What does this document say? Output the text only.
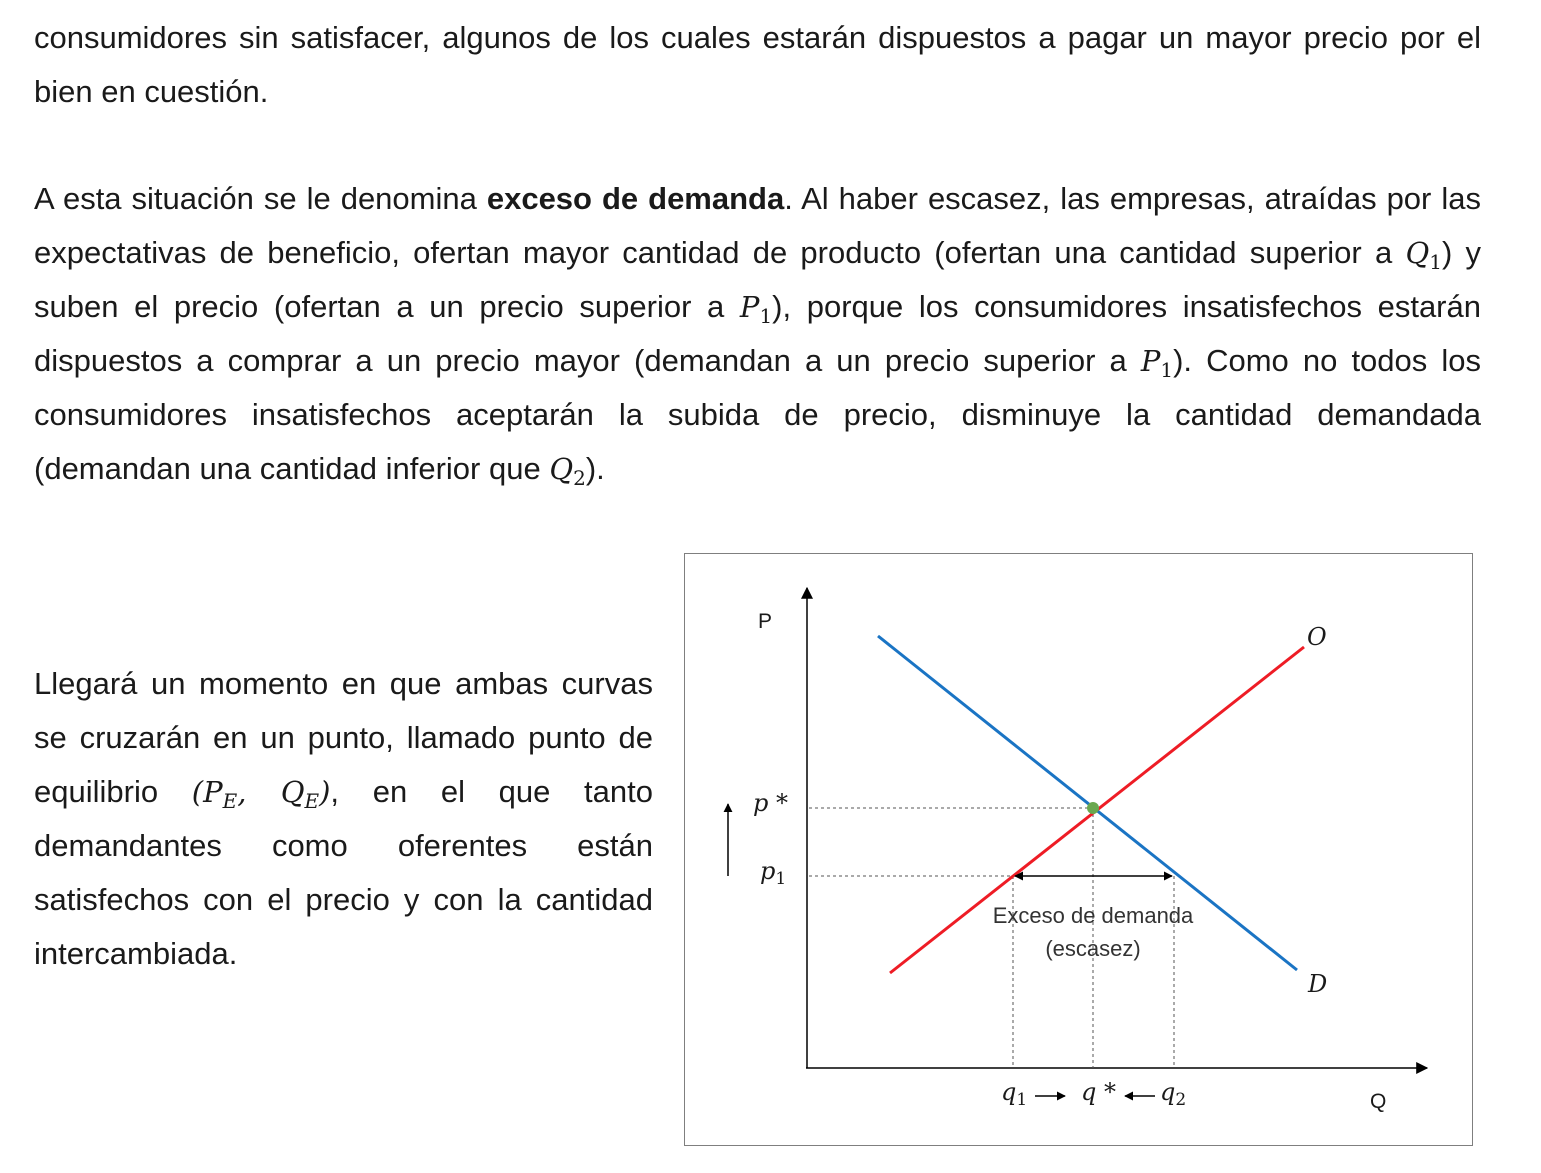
consumidores sin satisfacer, algunos de los cuales estarán dispuestos a pagar un mayor precio por el bien en cuestión.

A esta situación se le denomina exceso de demanda. Al haber escasez, las empresas, atraídas por las expectativas de beneficio, ofertan mayor cantidad de producto (ofertan una cantidad superior a $Q_1$) y suben el precio (ofertan a un precio superior a $P_1$), porque los consumidores insatisfechos estarán dispuestos a comprar a un precio mayor (demandan a un precio superior a $P_1$). Como no todos los consumidores insatisfechos aceptarán la subida de precio, disminuye la cantidad demandada (demandan una cantidad inferior que $Q_2$).

Llegará un momento en que ambas curvas se cruzarán en un punto, llamado punto de equilibrio ($P_E$, $Q_E$), en el que tanto demandantes como oferentes están satisfechos con el precio y con la cantidad intercambiada.

P
Q
O
D
p *
$p_1$
$q_1$ q * $q_2$
Exceso de demanda
(escasez)
